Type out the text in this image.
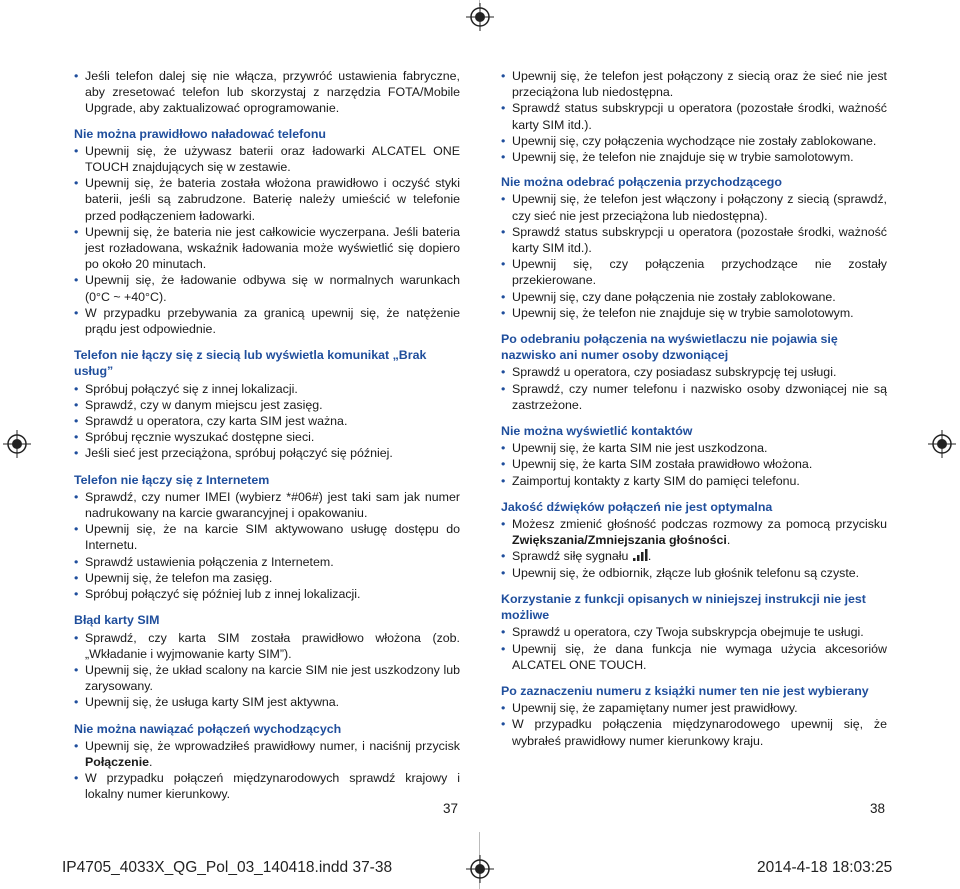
• Jeśli telefon dalej się nie włącza, przywróć ustawienia fabryczne, aby zresetować telefon lub skorzystaj z narzędzia FOTA/Mobile Upgrade, aby zaktualizować oprogramowanie.
Nie można prawidłowo naładować telefonu
• Upewnij się, że używasz baterii oraz ładowarki ALCATEL ONE TOUCH znajdujących się w zestawie.
• Upewnij się, że bateria została włożona prawidłowo i oczyść styki baterii, jeśli są zabrudzone. Baterię należy umieścić w telefonie przed podłączeniem ładowarki.
• Upewnij się, że bateria nie jest całkowicie wyczerpana. Jeśli bateria jest rozładowana, wskaźnik ładowania może wyświetlić się dopiero po około 20 minutach.
• Upewnij się, że ładowanie odbywa się w normalnych warunkach (0°C ~ +40°C).
• W przypadku przebywania za granicą upewnij się, że natężenie prądu jest odpowiednie.
Telefon nie łączy się z siecią lub wyświetla komunikat „Brak usług”
• Spróbuj połączyć się z innej lokalizacji.
• Sprawdź, czy w danym miejscu jest zasięg.
• Sprawdź u operatora, czy karta SIM jest ważna.
• Spróbuj ręcznie wyszukać dostępne sieci.
• Jeśli sieć jest przeciążona, spróbuj połączyć się później.
Telefon nie łączy się z Internetem
• Sprawdź, czy numer IMEI (wybierz *#06#) jest taki sam jak numer nadrukowany na karcie gwarancyjnej i opakowaniu.
• Upewnij się, że na karcie SIM aktywowano usługę dostępu do Internetu.
• Sprawdź ustawienia połączenia z Internetem.
• Upewnij się, że telefon ma zasięg.
• Spróbuj połączyć się później lub z innej lokalizacji.
Błąd karty SIM
• Sprawdź, czy karta SIM została prawidłowo włożona (zob. „Wkładanie i wyjmowanie karty SIM”).
• Upewnij się, że układ scalony na karcie SIM nie jest uszkodzony lub zarysowany.
• Upewnij się, że usługa karty SIM jest aktywna.
Nie można nawiązać połączeń wychodzących
• Upewnij się, że wprowadziłeś prawidłowy numer, i naciśnij przycisk Połączenie.
• W przypadku połączeń międzynarodowych sprawdź krajowy i lokalny numer kierunkowy.
• Upewnij się, że telefon jest połączony z siecią oraz że sieć nie jest przeciążona lub niedostępna.
• Sprawdź status subskrypcji u operatora (pozostałe środki, ważność karty SIM itd.).
• Upewnij się, czy połączenia wychodzące nie zostały zablokowane.
• Upewnij się, że telefon nie znajduje się w trybie samolotowym.
Nie można odebrać połączenia przychodzącego
• Upewnij się, że telefon jest włączony i połączony z siecią (sprawdź, czy sieć nie jest przeciążona lub niedostępna).
• Sprawdź status subskrypcji u operatora (pozostałe środki, ważność karty SIM itd.).
• Upewnij się, czy połączenia przychodzące nie zostały przekierowane.
• Upewnij się, czy dane połączenia nie zostały zablokowane.
• Upewnij się, że telefon nie znajduje się w trybie samolotowym.
Po odebraniu połączenia na wyświetlaczu nie pojawia się nazwisko ani numer osoby dzwoniącej
• Sprawdź u operatora, czy posiadasz subskrypcję tej usługi.
• Sprawdź, czy numer telefonu i nazwisko osoby dzwoniącej nie są zastrzeżone.
Nie można wyświetlić kontaktów
• Upewnij się, że karta SIM nie jest uszkodzona.
• Upewnij się, że karta SIM została prawidłowo włożona.
• Zaimportuj kontakty z karty SIM do pamięci telefonu.
Jakość dźwięków połączeń nie jest optymalna
• Możesz zmienić głośność podczas rozmowy za pomocą przycisku Zwiększania/Zmniejszania głośności.
• Sprawdź siłę sygnału .
• Upewnij się, że odbiornik, złącze lub głośnik telefonu są czyste.
Korzystanie z funkcji opisanych w niniejszej instrukcji nie jest możliwe
• Sprawdź u operatora, czy Twoja subskrypcja obejmuje te usługi.
• Upewnij się, że dana funkcja nie wymaga użycia akcesoriów ALCATEL ONE TOUCH.
Po zaznaczeniu numeru z książki numer ten nie jest wybierany
• Upewnij się, że zapamiętany numer jest prawidłowy.
• W przypadku połączenia międzynarodowego upewnij się, że wybrałeś prawidłowy numer kierunkowy kraju.
37	38
IP4705_4033X_QG_Pol_03_140418.indd 37-38	2014-4-18 18:03:25
